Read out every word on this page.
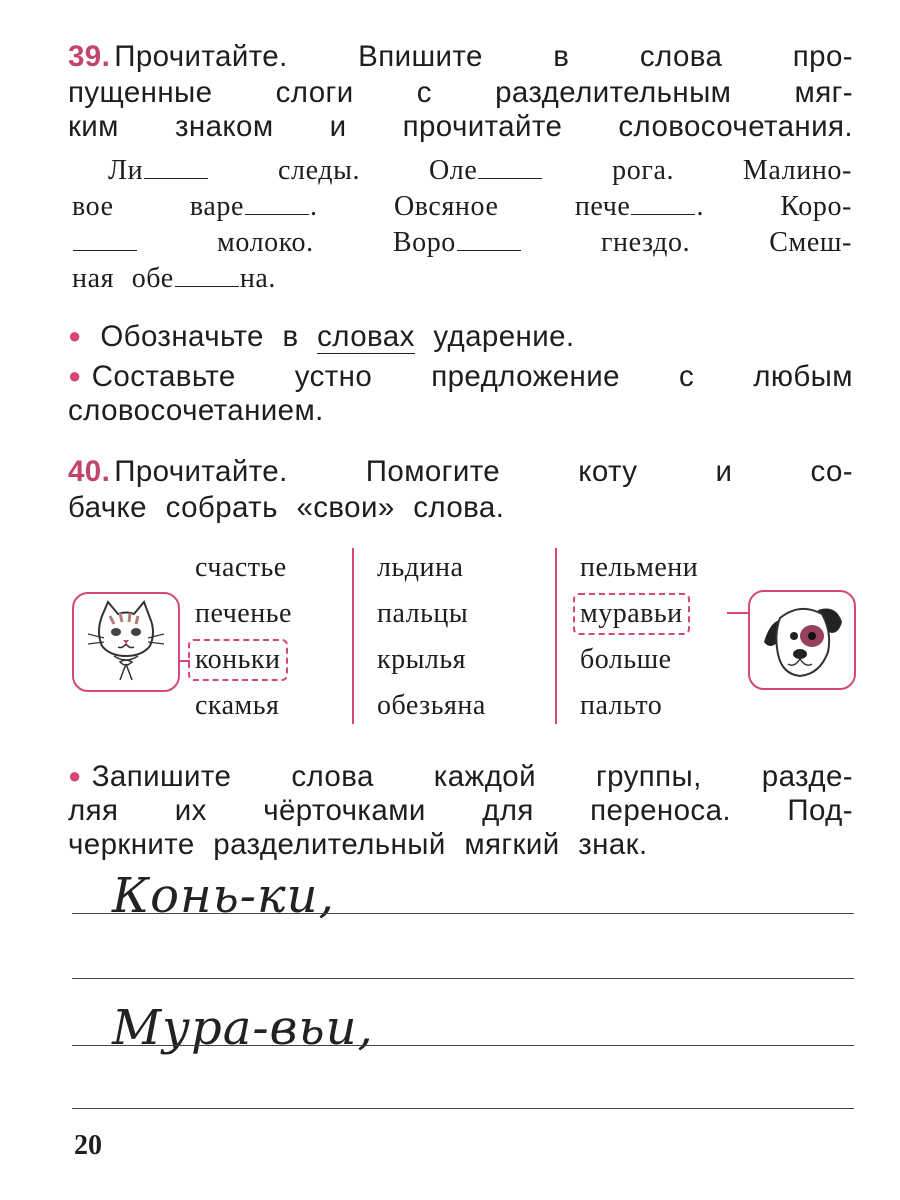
39. Прочитайте. Впишите в слова про-
пущенные слоги с разделительным мяг-
ким знаком и прочитайте словосочетания.
Ли	следы. Оле	рога. Малино-
вое	варе .	Овсяное	пече .	Коро-
молоко.	Воро	гнездо.	Смеш-
ная обе на.
● Обозначьте в словах ударение.
● Составьте устно предложение с любым
словосочетанием.
40. Прочитайте.	Помогите	коту	и	со-
бачке собрать «свои» слова.
счастье
печенье
коньки
скамья
льдина
пальцы
крылья
обезьяна
пельмени
муравьи
больше
пальто
● Запишите слова каждой группы, разде-
ляя их чёрточками для переноса. Под-
черкните разделительный мягкий знак.
Конь-ки,
Мура-вьи,
20
